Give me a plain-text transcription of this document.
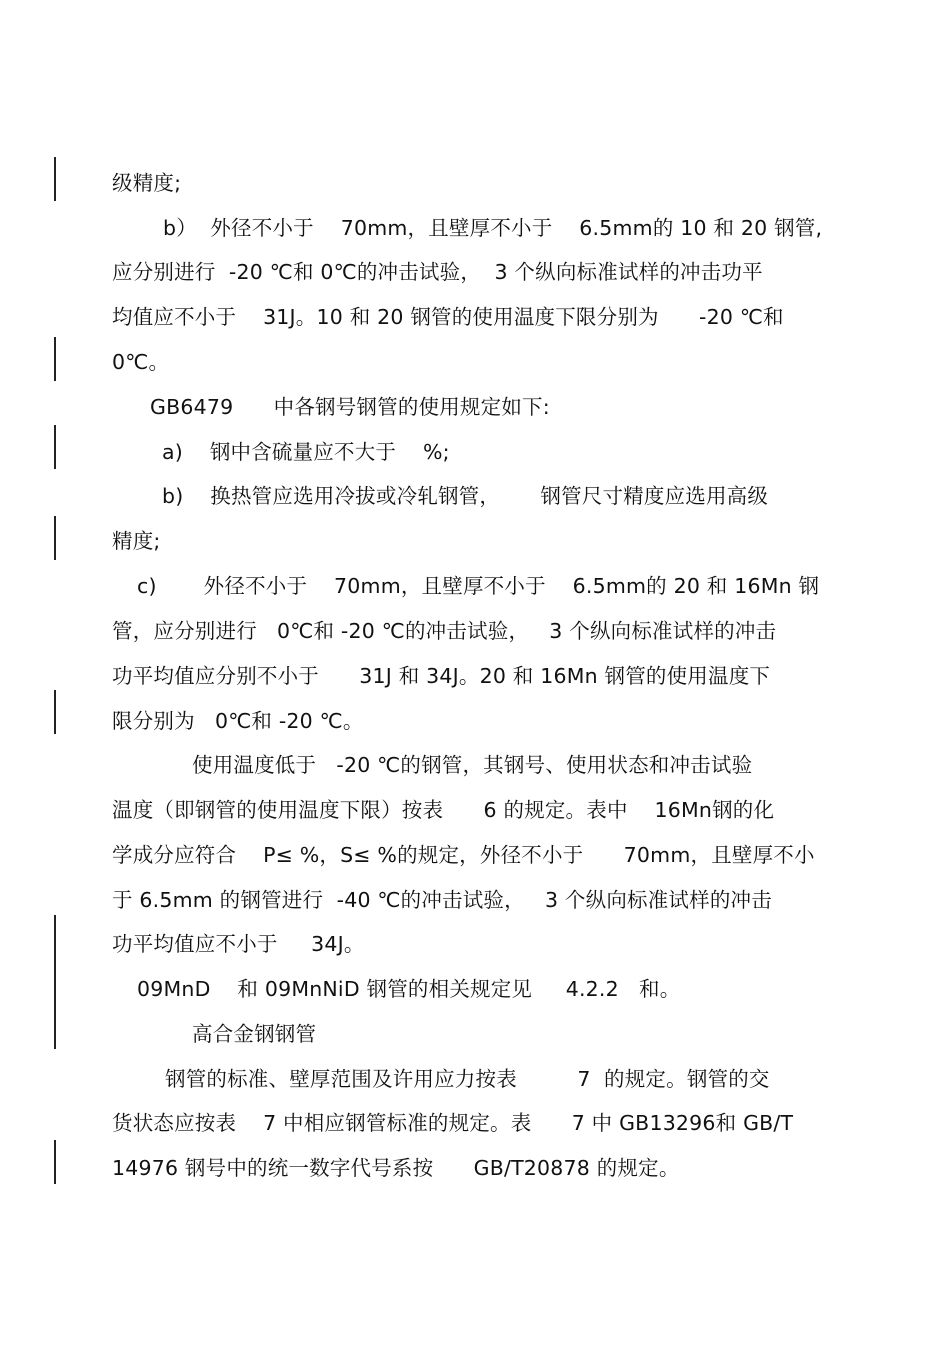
级精度;
b）  外径不小于    70mm，且壁厚不小于    6.5mm的 10 和 20 钢管,
应分别进行  -20 ℃和 0℃的冲击试验，  3 个纵向标准试样的冲击功平
均值应不小于    31J。10 和 20 钢管的使用温度下限分别为      -20 ℃和
0℃。
GB6479      中各钢号钢管的使用规定如下:
a)    钢中含硫量应不大于    %;
b)    换热管应选用冷拔或冷轧钢管，      钢管尺寸精度应选用高级
精度;
c)       外径不小于    70mm，且壁厚不小于    6.5mm的 20 和 16Mn 钢
管，应分别进行   0℃和 -20 ℃的冲击试验，   3 个纵向标准试样的冲击
功平均值应分别不小于      31J 和 34J。20 和 16Mn 钢管的使用温度下
限分别为   0℃和 -20 ℃。
使用温度低于   -20 ℃的钢管，其钢号、使用状态和冲击试验
温度（即钢管的使用温度下限）按表      6 的规定。表中    16Mn钢的化
学成分应符合    P≤ %，S≤ %的规定，外径不小于      70mm，且壁厚不小
于 6.5mm 的钢管进行  -40 ℃的冲击试验，   3 个纵向标准试样的冲击
功平均值应不小于     34J。
09MnD    和 09MnNiD 钢管的相关规定见     4.2.2   和。
高合金钢钢管
钢管的标准、壁厚范围及许用应力按表         7  的规定。钢管的交
货状态应按表    7 中相应钢管标准的规定。表      7 中 GB13296和 GB/T
14976 钢号中的统一数字代号系按      GB/T20878 的规定。
